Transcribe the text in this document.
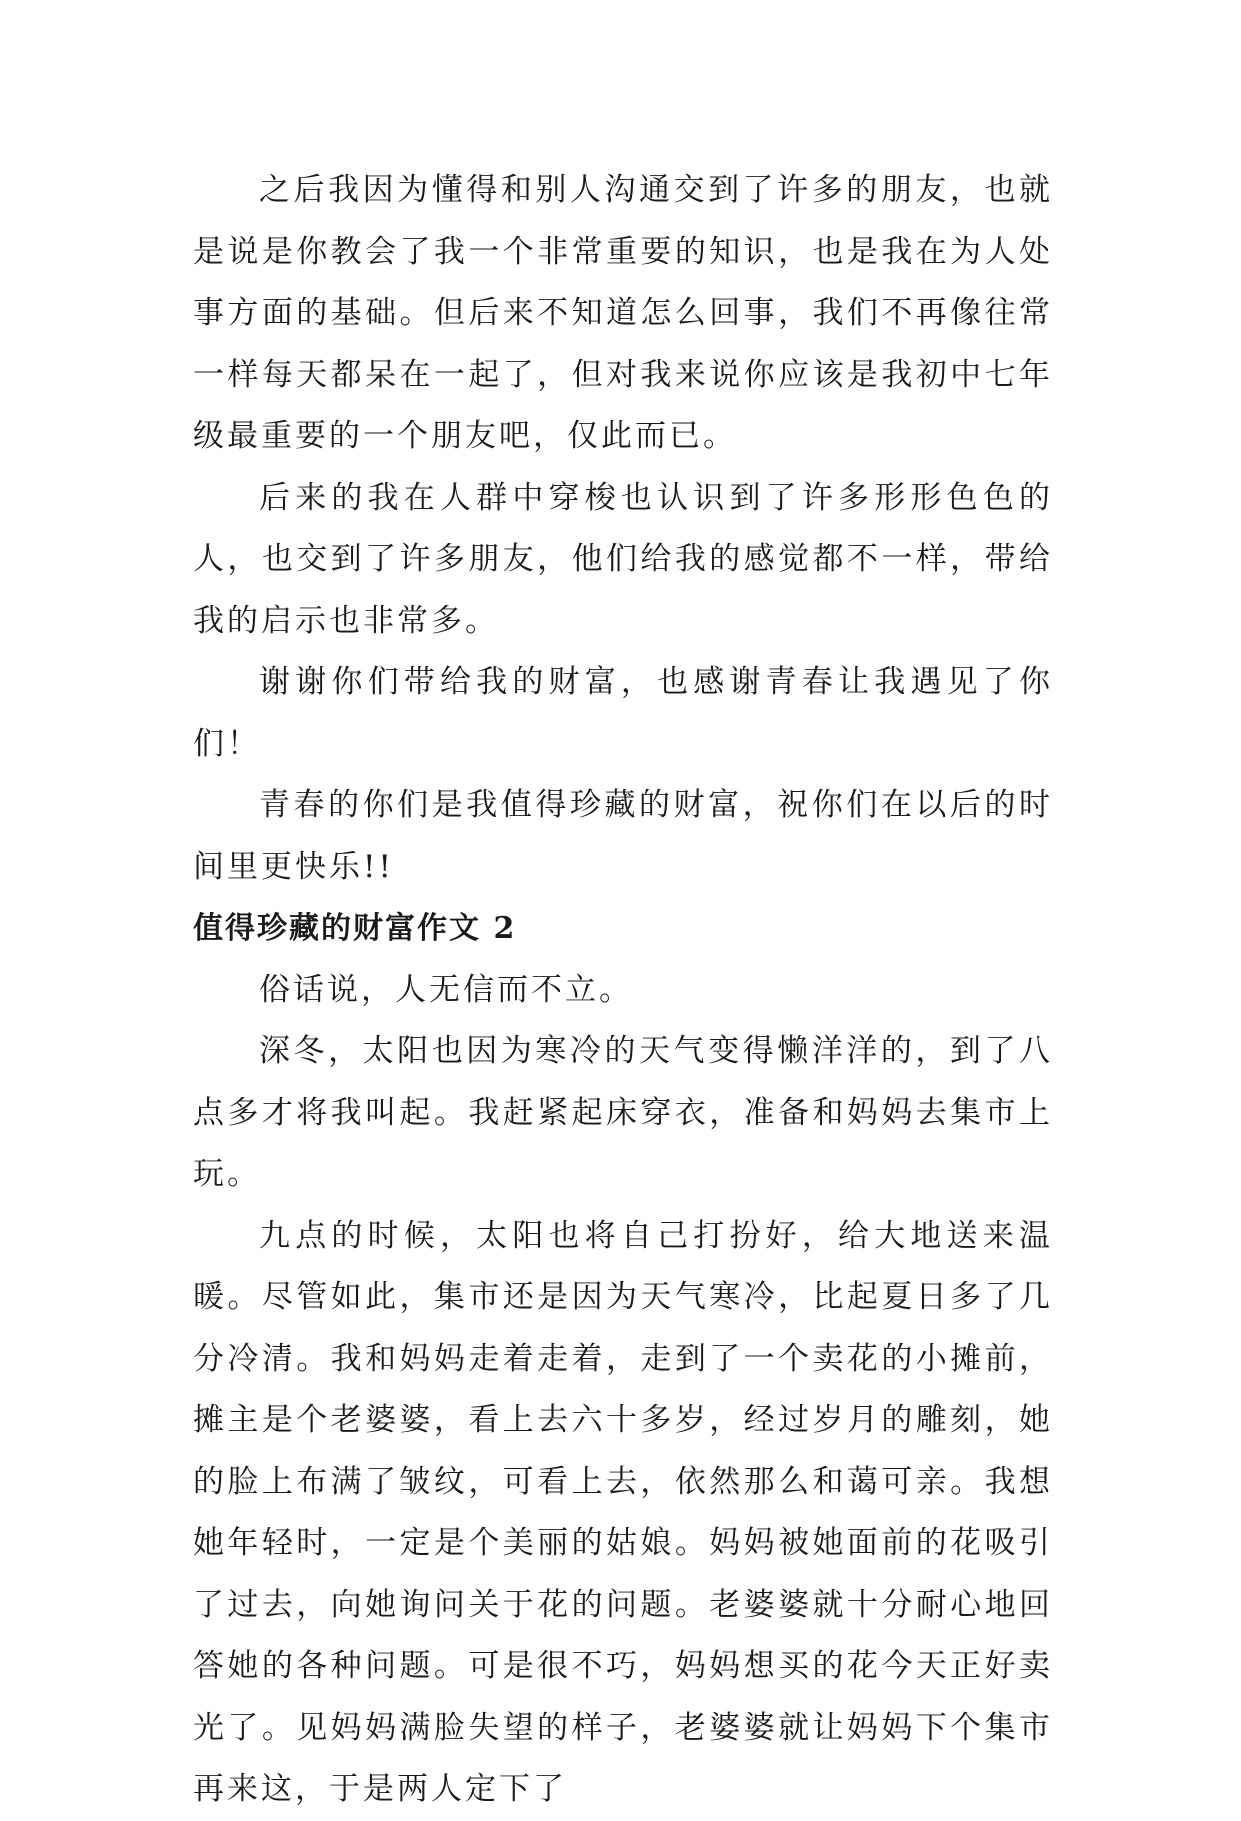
之后我因为懂得和别人沟通交到了许多的朋友，也就是说是你教会了我一个非常重要的知识，也是我在为人处事方面的基础。但后来不知道怎么回事，我们不再像往常一样每天都呆在一起了，但对我来说你应该是我初中七年级最重要的一个朋友吧，仅此而已。

后来的我在人群中穿梭也认识到了许多形形色色的人，也交到了许多朋友，他们给我的感觉都不一样，带给我的启示也非常多。

谢谢你们带给我的财富，也感谢青春让我遇见了你们！

青春的你们是我值得珍藏的财富，祝你们在以后的时间里更快乐!!

值得珍藏的财富作文 2

俗话说，人无信而不立。

深冬，太阳也因为寒冷的天气变得懒洋洋的，到了八点多才将我叫起。我赶紧起床穿衣，准备和妈妈去集市上玩。

九点的时候，太阳也将自己打扮好，给大地送来温暖。尽管如此，集市还是因为天气寒冷，比起夏日多了几分冷清。我和妈妈走着走着，走到了一个卖花的小摊前，摊主是个老婆婆，看上去六十多岁，经过岁月的雕刻，她的脸上布满了皱纹，可看上去，依然那么和蔼可亲。我想她年轻时，一定是个美丽的姑娘。妈妈被她面前的花吸引了过去，向她询问关于花的问题。老婆婆就十分耐心地回答她的各种问题。可是很不巧，妈妈想买的花今天正好卖光了。见妈妈满脸失望的样子，老婆婆就让妈妈下个集市再来这，于是两人定下了
